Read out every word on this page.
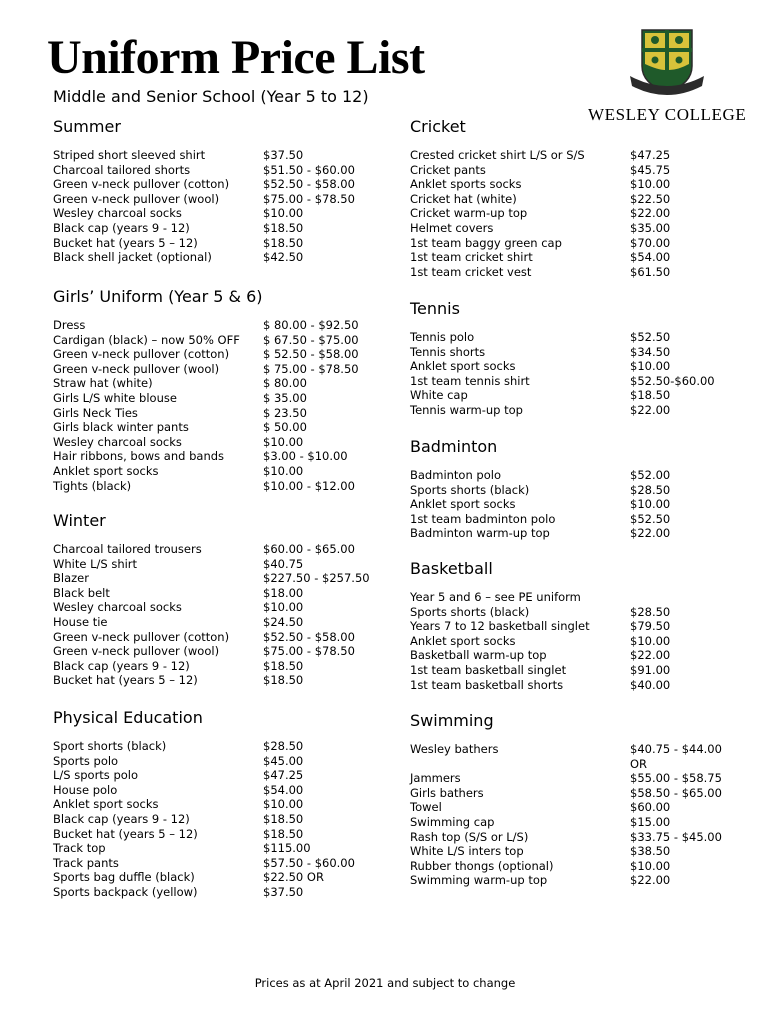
Uniform Price List
Middle and Senior School (Year 5 to 12)
WESLEY COLLEGE
Summer
Striped short sleeved shirt	$37.50
Charcoal tailored shorts	$51.50 - $60.00
Green v-neck pullover (cotton)	$52.50 - $58.00
Green v-neck pullover (wool)	$75.00 - $78.50
Wesley charcoal socks	$10.00
Black cap (years 9 - 12)	$18.50
Bucket hat (years 5 – 12)	$18.50
Black shell jacket (optional)	$42.50
Girls’ Uniform (Year 5 & 6)
Dress	$ 80.00 - $92.50
Cardigan (black) – now 50% OFF $ 67.50 - $75.00
Green v-neck pullover (cotton)	$ 52.50 - $58.00
Green v-neck pullover (wool)	$ 75.00 - $78.50
Straw hat (white)	$ 80.00
Girls L/S white blouse	$ 35.00
Girls Neck Ties	$ 23.50
Girls black winter pants	$ 50.00
Wesley charcoal socks	$10.00
Hair ribbons, bows and bands	$3.00 - $10.00
Anklet sport socks	$10.00
Tights (black)	$10.00 - $12.00
Winter
Charcoal tailored trousers	$60.00 - $65.00
White L/S shirt	$40.75
Blazer	$227.50 - $257.50
Black belt	$18.00
Wesley charcoal socks	$10.00
House tie	$24.50
Green v-neck pullover (cotton)	$52.50 - $58.00
Green v-neck pullover (wool)	$75.00 - $78.50
Black cap (years 9 - 12)	$18.50
Bucket hat (years 5 – 12)	$18.50
Physical Education
Sport shorts (black)	$28.50
Sports polo	$45.00
L/S sports polo	$47.25
House polo	$54.00
Anklet sport socks	$10.00
Black cap (years 9 - 12)	$18.50
Bucket hat (years 5 – 12)	$18.50
Track top	$115.00
Track pants	$57.50 - $60.00
Sports bag duffle (black)	$22.50 OR
Sports backpack (yellow)	$37.50
Cricket
Crested cricket shirt L/S or S/S	$47.25
Cricket pants	$45.75
Anklet sports socks	$10.00
Cricket hat (white)	$22.50
Cricket warm-up top	$22.00
Helmet covers	$35.00
1st team baggy green cap	$70.00
1st team cricket shirt	$54.00
1st team cricket vest	$61.50
Tennis
Tennis polo	$52.50
Tennis shorts	$34.50
Anklet sport socks	$10.00
1st team tennis shirt	$52.50-$60.00
White cap	$18.50
Tennis warm-up top	$22.00
Badminton
Badminton polo	$52.00
Sports shorts (black)	$28.50
Anklet sport socks	$10.00
1st team badminton polo	$52.50
Badminton warm-up top	$22.00
Basketball
Year 5 and 6 – see PE uniform
Sports shorts (black)	$28.50
Years 7 to 12 basketball singlet	$79.50
Anklet sport socks	$10.00
Basketball warm-up top	$22.00
1st team basketball singlet	$91.00
1st team basketball shorts	$40.00
Swimming
Wesley bathers	$40.75 - $44.00
OR
Jammers	$55.00 - $58.75
Girls bathers	$58.50 - $65.00
Towel	$60.00
Swimming cap	$15.00
Rash top (S/S or L/S)	$33.75 - $45.00
White L/S inters top	$38.50
Rubber thongs (optional)	$10.00
Swimming warm-up top	$22.00
Prices as at April 2021 and subject to change
